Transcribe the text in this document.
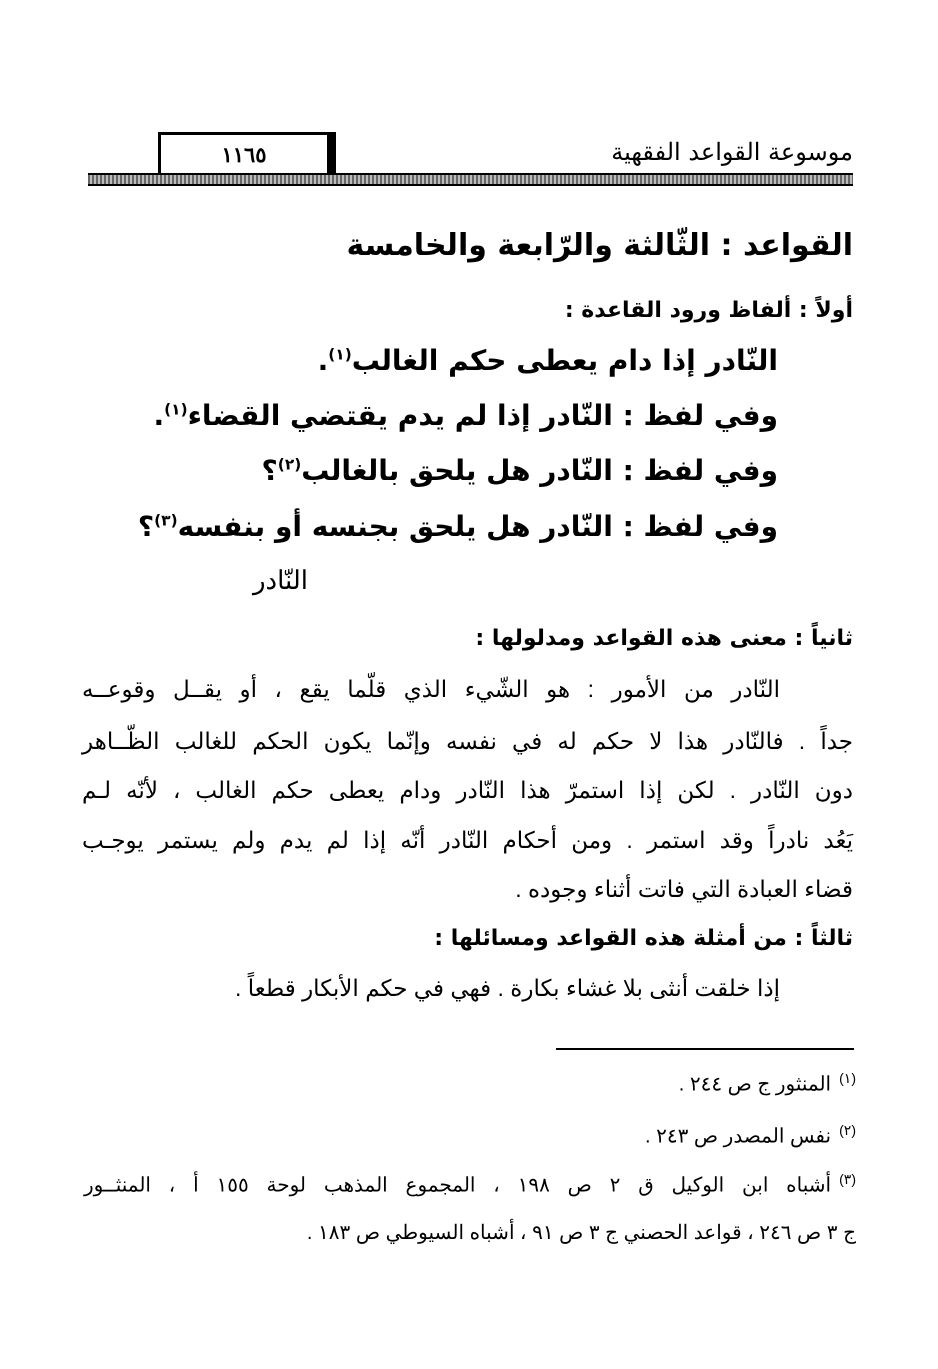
موسوعة القواعد الفقهية
١١٦٥
القواعد : الثّالثة والرّابعة والخامسة
أولاً : ألفاظ ورود القاعدة :
النّادر إذا دام يعطى حكم الغالب$^{(١)}$.
وفي لفظ : النّادر إذا لم يدم يقتضي القضاء$^{(١)}$.
وفي لفظ : النّادر هل يلحق بالغالب$^{(٢)}$؟
وفي لفظ : النّادر هل يلحق بجنسه أو بنفسه$^{(٣)}$؟
النّادر
ثانياً : معنى هذه القواعد ومدلولها :
النّادر من الأمور : هو الشّيء الذي قلّما يقع ، أو يقــل وقوعــه
جداً . فالنّادر هذا لا حكم له في نفسه وإنّما يكون الحكم للغالب الظّــاهر
دون النّادر . لكن إذا استمرّ هذا النّادر ودام يعطى حكم الغالب ، لأنّه لـم
يَعُد نادراً وقد استمر . ومن أحكام النّادر أنّه إذا لم يدم ولم يستمر يوجـب
قضاء العبادة التي فاتت أثناء وجوده .
ثالثاً : من أمثلة هذه القواعد ومسائلها :
إذا خلقت أنثى بلا غشاء بكارة . فهي في حكم الأبكار قطعاً .
$^{(١)}$المنثور ج ص ٢٤٤ .
$^{(٢)}$نفس المصدر ص ٢٤٣ .
$^{(٣)}$أشباه ابن الوكيل ق ٢ ص ١٩٨ ، المجموع المذهب لوحة ١٥٥ أ ، المنثــور
ج ٣ ص ٢٤٦ ، قواعد الحصني ج ٣ ص ٩١ ، أشباه السيوطي ص ١٨٣ .
